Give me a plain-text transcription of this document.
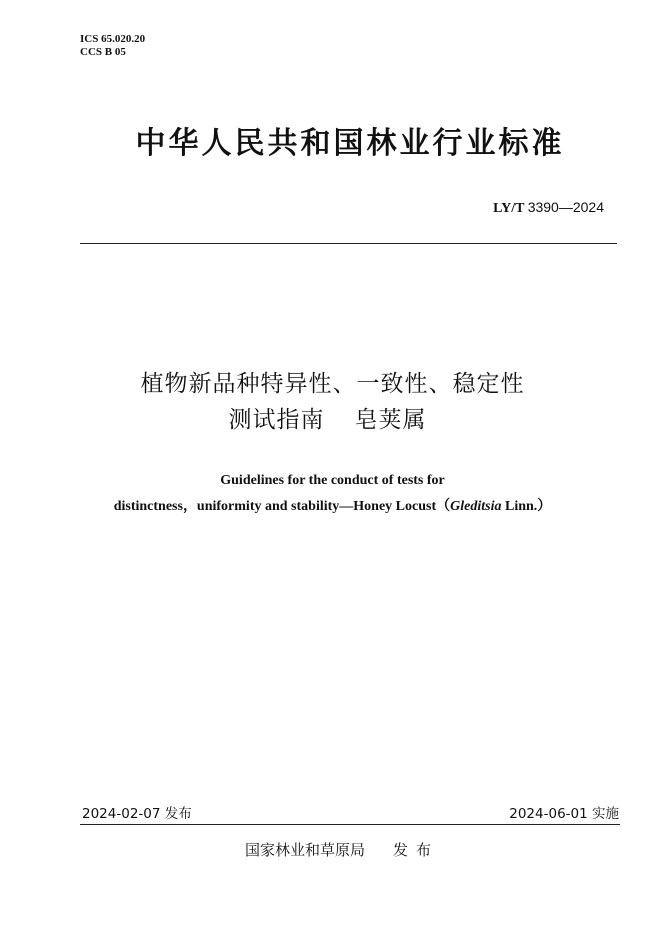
ICS 65.020.20
CCS B 05
中华人民共和国林业行业标准
LY/T 3390—2024
植物新品种特异性、一致性、稳定性
测试指南 皂荚属
Guidelines for the conduct of tests for
distinctness，uniformity and stability—Honey Locust（Gleditsia Linn.）
2024-02-07 发布	2024-06-01 实施
国家林业和草原局 发布
